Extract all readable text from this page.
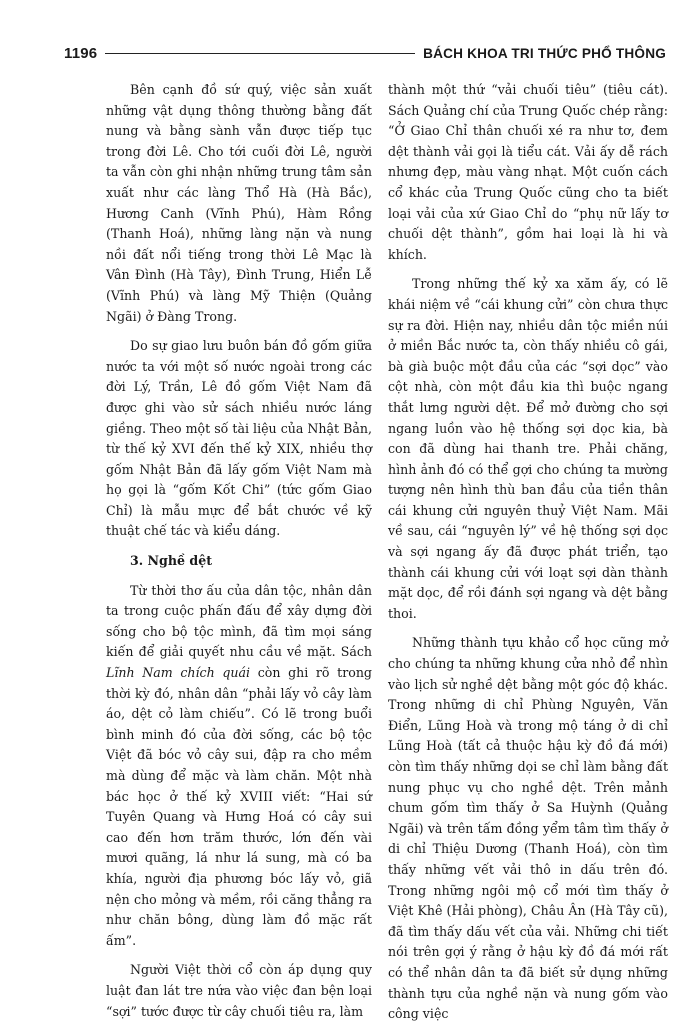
1196	BÁCH KHOA TRI THỨC PHỔ THÔNG

Bên cạnh đồ sứ quý, việc sản xuất những vật dụng thông thường bằng đất nung và bằng sành vẫn được tiếp tục trong đời Lê. Cho tới cuối đời Lê, người ta vẫn còn ghi nhận những trung tâm sản xuất như các làng Thổ Hà (Hà Bắc), Hương Canh (Vĩnh Phú), Hàm Rồng (Thanh Hoá), những làng nặn và nung nồi đất nổi tiếng trong thời Lê Mạc là Vân Đình (Hà Tây), Đình Trung, Hiển Lễ (Vĩnh Phú) và làng Mỹ Thiện (Quảng Ngãi) ở Đàng Trong.

Do sự giao lưu buôn bán đồ gốm giữa nước ta với một số nước ngoài trong các đời Lý, Trần, Lê đồ gốm Việt Nam đã được ghi vào sử sách nhiều nước láng giềng. Theo một số tài liệu của Nhật Bản, từ thế kỷ XVI đến thế kỷ XIX, nhiều thợ gốm Nhật Bản đã lấy gốm Việt Nam mà họ gọi là “gốm Kốt Chi” (tức gốm Giao Chỉ) là mẫu mực để bắt chước về kỹ thuật chế tác và kiểu dáng.

3. Nghề dệt

Từ thời thơ ấu của dân tộc, nhân dân ta trong cuộc phấn đấu để xây dựng đời sống cho bộ tộc mình, đã tìm mọi sáng kiến để giải quyết nhu cầu về mặt. Sách Lĩnh Nam chích quái còn ghi rõ trong thời kỳ đó, nhân dân “phải lấy vỏ cây làm áo, dệt cỏ làm chiếu”. Có lẽ trong buổi bình minh đó của đời sống, các bộ tộc Việt đã bóc vỏ cây sui, đập ra cho mềm mà dùng để mặc và làm chăn. Một nhà bác học ở thế kỷ XVIII viết: “Hai sứ Tuyên Quang và Hưng Hoá có cây sui cao đến hơn trăm thước, lớn đến vài mươi quãng, lá như lá sung, mà có ba khía, người địa phương bóc lấy vỏ, giã nện cho mỏng và mềm, rồi căng thẳng ra như chăn bông, dùng làm đồ mặc rất ấm”.

Người Việt thời cổ còn áp dụng quy luật đan lát tre nứa vào việc đan bện loại “sợi” tước được từ cây chuối tiêu ra, làm

thành một thứ “vải chuối tiêu” (tiêu cát). Sách Quảng chí của Trung Quốc chép rằng: “Ở Giao Chỉ thân chuối xé ra như tơ, đem dệt thành vải gọi là tiểu cát. Vải ấy dễ rách nhưng đẹp, màu vàng nhạt. Một cuốn cách cổ khác của Trung Quốc cũng cho ta biết loại vải của xứ Giao Chỉ do “phụ nữ lấy tơ chuối dệt thành”, gồm hai loại là hi và khích.

Trong những thế kỷ xa xăm ấy, có lẽ khái niệm về “cái khung cửi” còn chưa thực sự ra đời. Hiện nay, nhiều dân tộc miền núi ở miền Bắc nước ta, còn thấy nhiều cô gái, bà già buộc một đầu của các “sợi dọc” vào cột nhà, còn một đầu kia thì buộc ngang thắt lưng người dệt. Để mở đường cho sợi ngang luồn vào hệ thống sợi dọc kia, bà con đã dùng hai thanh tre. Phải chăng, hình ảnh đó có thể gợi cho chúng ta mường tượng nên hình thù ban đầu của tiền thân cái khung cửi nguyên thuỷ Việt Nam. Mãi về sau, cái “nguyên lý” về hệ thống sợi dọc và sợi ngang ấy đã được phát triển, tạo thành cái khung cửi với loạt sợi dàn thành mặt dọc, để rồi đánh sợi ngang và dệt bằng thoi.

Những thành tựu khảo cổ học cũng mở cho chúng ta những khung cửa nhỏ để nhìn vào lịch sử nghề dệt bằng một góc độ khác. Trong những di chỉ Phùng Nguyên, Văn Điển, Lũng Hoà và trong mộ táng ở di chỉ Lũng Hoà (tất cả thuộc hậu kỳ đồ đá mới) còn tìm thấy những dọi se chỉ làm bằng đất nung phục vụ cho nghề dệt. Trên mảnh chum gốm tìm thấy ở Sa Huỳnh (Quảng Ngãi) và trên tấm đồng yểm tâm tìm thấy ở di chỉ Thiệu Dương (Thanh Hoá), còn tìm thấy những vết vải thô in dấu trên đó. Trong những ngôi mộ cổ mới tìm thấy ở Việt Khê (Hải phòng), Châu Ân (Hà Tây cũ), đã tìm thấy dấu vết của vải. Những chi tiết nói trên gợi ý rằng ở hậu kỳ đồ đá mới rất có thể nhân dân ta đã biết sử dụng những thành tựu của nghề nặn và nung gốm vào công việc
